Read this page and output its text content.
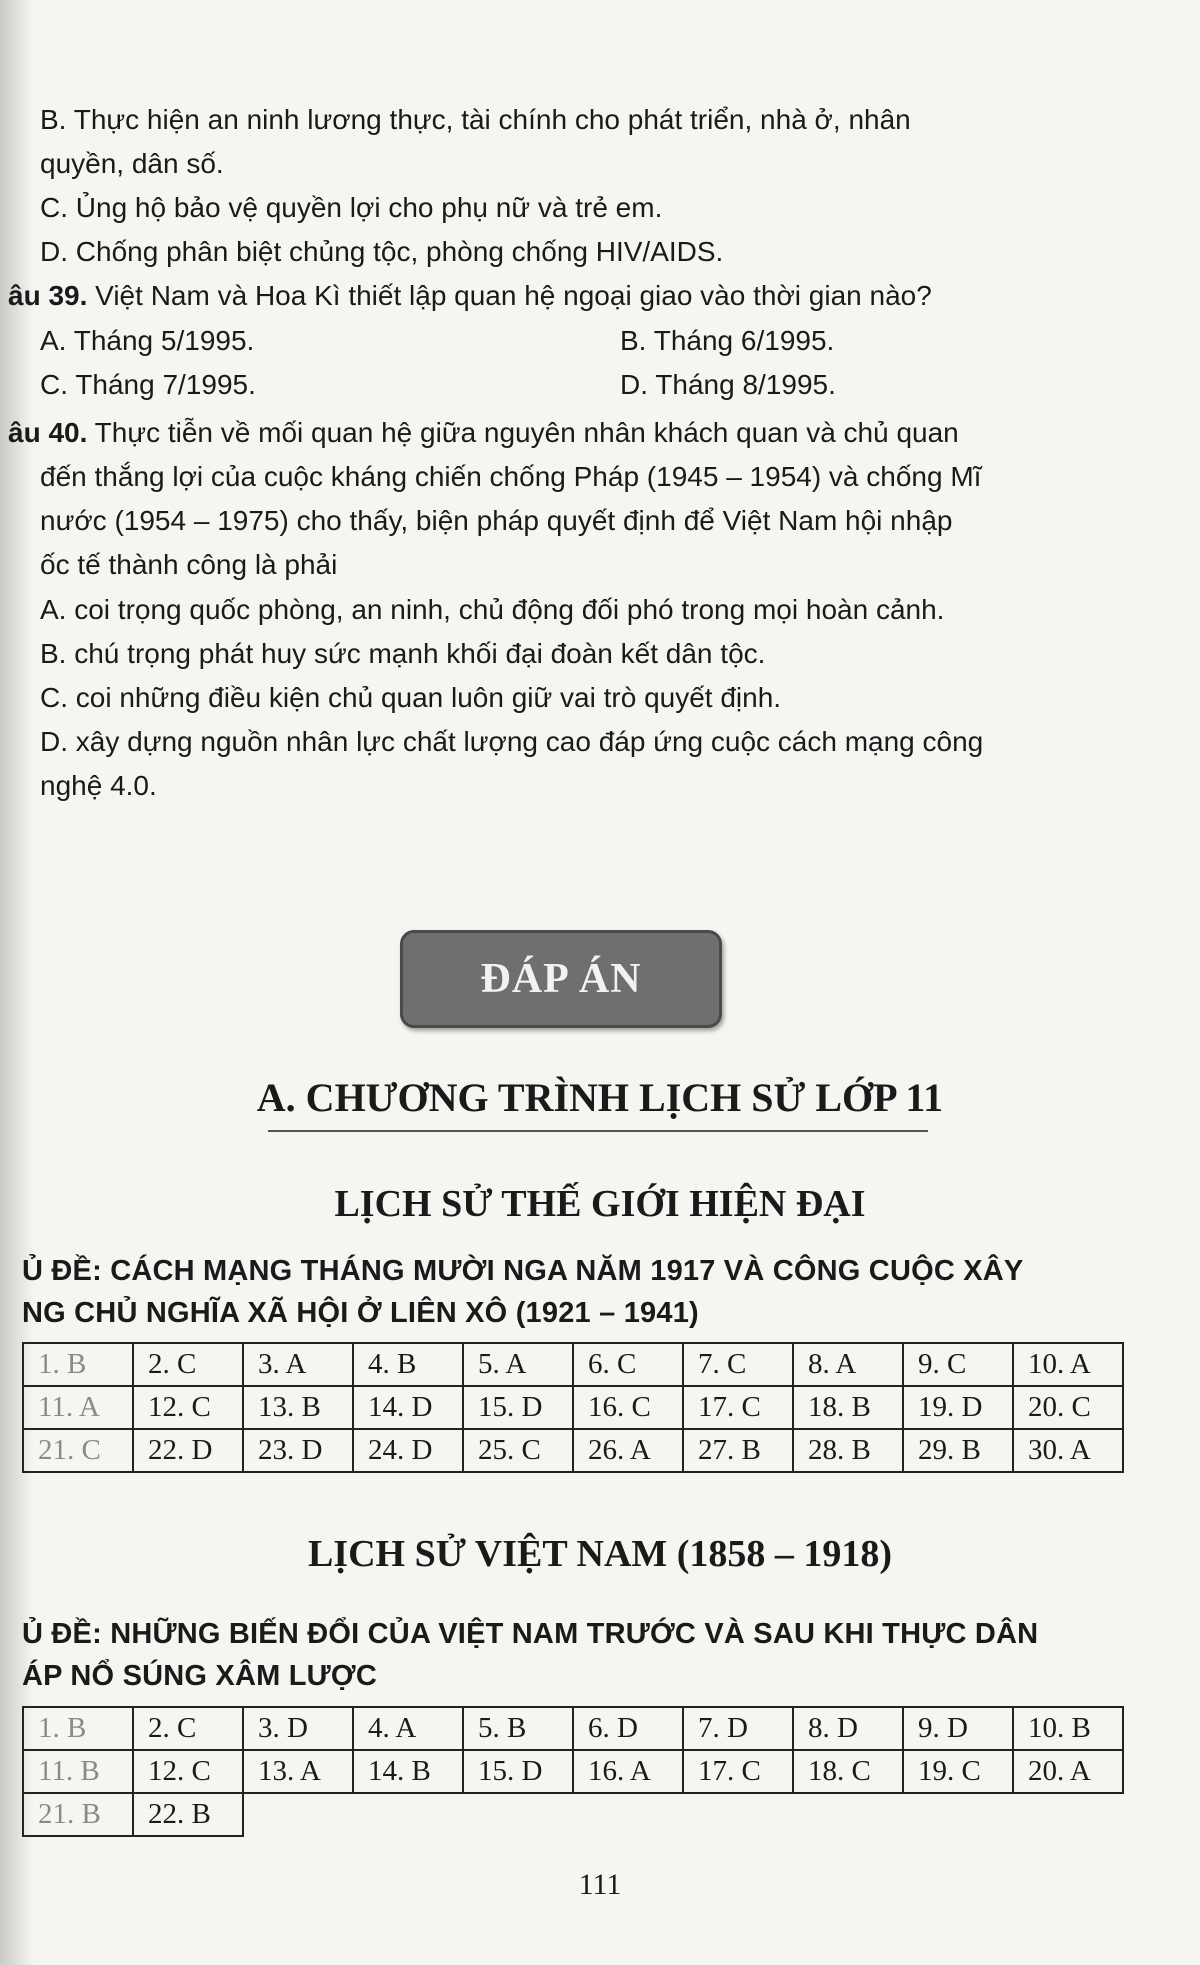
B. Thực hiện an ninh lương thực, tài chính cho phát triển, nhà ở, nhân
quyền, dân số.
C. Ủng hộ bảo vệ quyền lợi cho phụ nữ và trẻ em.
D. Chống phân biệt chủng tộc, phòng chống HIV/AIDS.
âu 39. Việt Nam và Hoa Kì thiết lập quan hệ ngoại giao vào thời gian nào?
A. Tháng 5/1995.	B. Tháng 6/1995.
C. Tháng 7/1995.	D. Tháng 8/1995.
âu 40. Thực tiễn về mối quan hệ giữa nguyên nhân khách quan và chủ quan
đến thắng lợi của cuộc kháng chiến chống Pháp (1945 – 1954) và chống Mĩ
nước (1954 – 1975) cho thấy, biện pháp quyết định để Việt Nam hội nhập
ốc tế thành công là phải
A. coi trọng quốc phòng, an ninh, chủ động đối phó trong mọi hoàn cảnh.
B. chú trọng phát huy sức mạnh khối đại đoàn kết dân tộc.
C. coi những điều kiện chủ quan luôn giữ vai trò quyết định.
D. xây dựng nguồn nhân lực chất lượng cao đáp ứng cuộc cách mạng công
nghệ 4.0.
ĐÁP ÁN
A. CHƯƠNG TRÌNH LỊCH SỬ LỚP 11
LỊCH SỬ THẾ GIỚI HIỆN ĐẠI
Ủ ĐỀ: CÁCH MẠNG THÁNG MƯỜI NGA NĂM 1917 VÀ CÔNG CUỘC XÂY
NG CHỦ NGHĨA XÃ HỘI Ở LIÊN XÔ (1921 – 1941)
1. B	2. C	3. A	4. B	5. A	6. C	7. C	8. A	9. C	10. A
11. A	12. C	13. B	14. D	15. D	16. C	17. C	18. B	19. D	20. C
21. C	22. D	23. D	24. D	25. C	26. A	27. B	28. B	29. B	30. A
LỊCH SỬ VIỆT NAM (1858 – 1918)
Ủ ĐỀ: NHỮNG BIẾN ĐỔI CỦA VIỆT NAM TRƯỚC VÀ SAU KHI THỰC DÂN
ÁP NỔ SÚNG XÂM LƯỢC
1. B	2. C	3. D	4. A	5. B	6. D	7. D	8. D	9. D	10. B
11. B	12. C	13. A	14. B	15. D	16. A	17. C	18. C	19. C	20. A
21. B	22. B								
111
